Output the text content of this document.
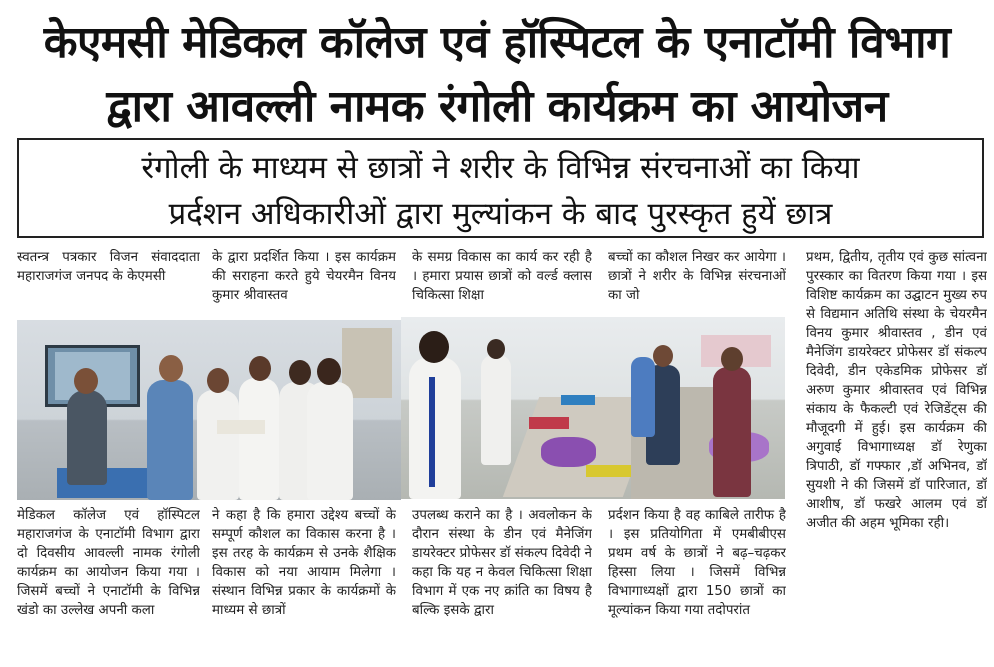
केएमसी मेडिकल कॉलेज एवं हॉस्पिटल के एनाटॉमी विभाग
द्वारा आवल्ली नामक रंगोली कार्यक्रम का आयोजन
रंगोली के माध्यम से छात्रों ने शरीर के विभिन्न संरचनाओं का किया
प्रर्दशन अधिकारीओं द्वारा मुल्यांकन के बाद पुरस्कृत हुयें छात्र

स्वतन्त्र पत्रकार विजन संवाददाता महाराजगंज जनपद के केएमसी

के द्वारा प्रदर्शित किया । इस कार्यक्रम की सराहना करते हुये चेयरमैन विनय कुमार श्रीवास्तव

के समग्र विकास का कार्य कर रही है । हमारा प्रयास छात्रों को वर्ल्ड क्लास चिकित्सा शिक्षा

बच्चों का कौशल निखर कर आयेगा । छात्रों ने शरीर के विभिन्न संरचनाओं का जो

मेडिकल कॉलेज एवं हॉस्पिटल महाराजगंज के एनाटॉमी विभाग द्वारा दो दिवसीय आवल्ली नामक रंगोली कार्यक्रम का आयोजन किया गया । जिसमें बच्चों ने एनाटॉमी के विभिन्न खंडो का उल्लेख अपनी कला

ने कहा है कि हमारा उद्देश्य बच्चों के सम्पूर्ण कौशल का विकास करना है । इस तरह के कार्यक्रम से उनके शैक्षिक विकास को नया आयाम मिलेगा । संस्थान विभिन्न प्रकार के कार्यक्रमों के माध्यम से छात्रों

उपलब्ध कराने का है । अवलोकन के दौरान संस्था के डीन एवं मैनेजिंग डायरेक्टर प्रोफेसर डॉ संकल्प दिवेदी ने कहा कि यह न केवल चिकित्सा शिक्षा विभाग में एक नए क्रांति का विषय है बल्कि इसके द्वारा

प्रर्दशन किया है वह काबिले तारीफ है । इस प्रतियोगिता में एमबीबीएस प्रथम वर्ष के छात्रों ने बढ़–चढ़कर हिस्सा लिया । जिसमें विभिन्न विभागाध्यक्षों द्वारा 150 छात्रों का मूल्यांकन किया गया तदोपरांत

प्रथम, द्वितीय, तृतीय एवं कुछ सांत्वना पुरस्कार का वितरण किया गया । इस विशिष्ट कार्यक्रम का उद्घाटन मुख्य रुप से विद्यमान अतिथि संस्था के चेयरमैन विनय कुमार श्रीवास्तव , डीन एवं मैनेजिंग डायरेक्टर प्रोफेसर डॉ संकल्प दिवेदी, डीन एकेडमिक प्रोफेसर डॉ अरुण कुमार श्रीवास्तव एवं विभिन्न संकाय के फैकल्टी एवं रेजिडेंट्स की मौजूदगी में हुई। इस कार्यक्रम की अगुवाई विभागाध्यक्ष डॉ रेणुका त्रिपाठी, डॉ गफ्फार ,डॉ अभिनव, डॉ सुयशी ने की जिसमें डॉ पारिजात, डॉ आशीष, डॉ फखरे आलम एवं डॉ अजीत की अहम भूमिका रही।
